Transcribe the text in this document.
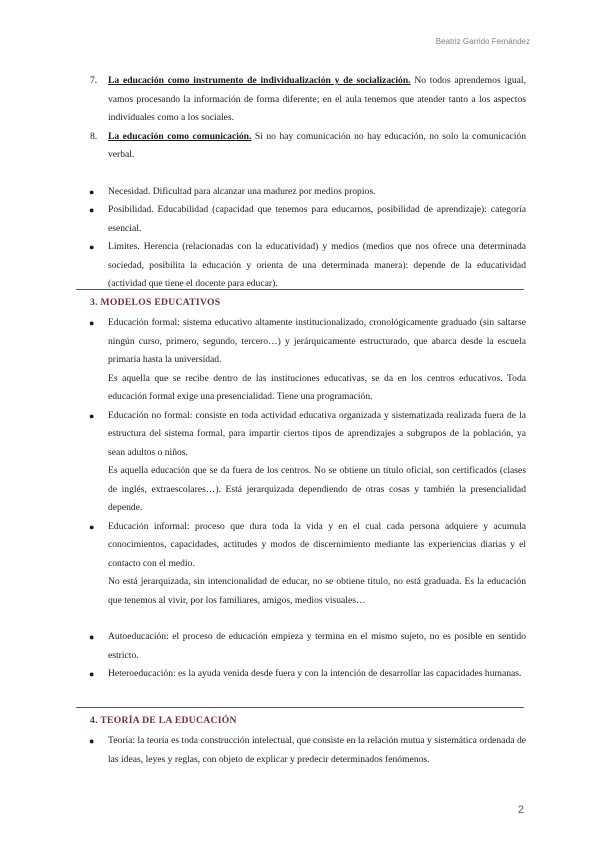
Beatriz Garrido Fernández
7. La educación como instrumento de individualización y de socialización. No todos aprendemos igual, vamos procesando la información de forma diferente; en el aula tenemos que atender tanto a los aspectos individuales como a los sociales.
8. La educación como comunicación. Si no hay comunicación no hay educación, no solo la comunicación verbal.
● Necesidad. Dificultad para alcanzar una madurez por medios propios.
● Posibilidad. Educabilidad (capacidad que tenemos para educarnos, posibilidad de aprendizaje): categoría esencial.
● Límites. Herencia (relacionadas con la educatividad) y medios (medios que nos ofrece una determinada sociedad, posibilita la educación y orienta de una determinada manera): depende de la educatividad (actividad que tiene el docente para educar).
3. MODELOS EDUCATIVOS
● Educación formal: sistema educativo altamente institucionalizado, cronológicamente graduado (sin saltarse ningún curso, primero, segundo, tercero…) y jerárquicamente estructurado, que abarca desde la escuela primaria hasta la universidad.
Es aquella que se recibe dentro de las instituciones educativas, se da en los centros educativos. Toda educación formal exige una presencialidad. Tiene una programación.
● Educación no formal: consiste en toda actividad educativa organizada y sistematizada realizada fuera de la estructura del sistema formal, para impartir ciertos tipos de aprendizajes a subgrupos de la población, ya sean adultos o niños.
Es aquella educación que se da fuera de los centros. No se obtiene un título oficial, son certificados (clases de inglés, extraescolares…). Está jerarquizada dependiendo de otras cosas y también la presencialidad depende.
● Educación informal: proceso que dura toda la vida y en el cual cada persona adquiere y acumula conocimientos, capacidades, actitudes y modos de discernimiento mediante las experiencias diarias y el contacto con el medio.
No está jerarquizada, sin intencionalidad de educar, no se obtiene título, no está graduada. Es la educación que tenemos al vivir, por los familiares, amigos, medios visuales…
● Autoeducación: el proceso de educación empieza y termina en el mismo sujeto, no es posible en sentido estricto.
● Heteroeducación: es la ayuda venida desde fuera y con la intención de desarrollar las capacidades humanas.
4. TEORÍA DE LA EDUCACIÓN
● Teoría: la teoría es toda construcción intelectual, que consiste en la relación mutua y sistemática ordenada de las ideas, leyes y reglas, con objeto de explicar y predecir determinados fenómenos.
2
